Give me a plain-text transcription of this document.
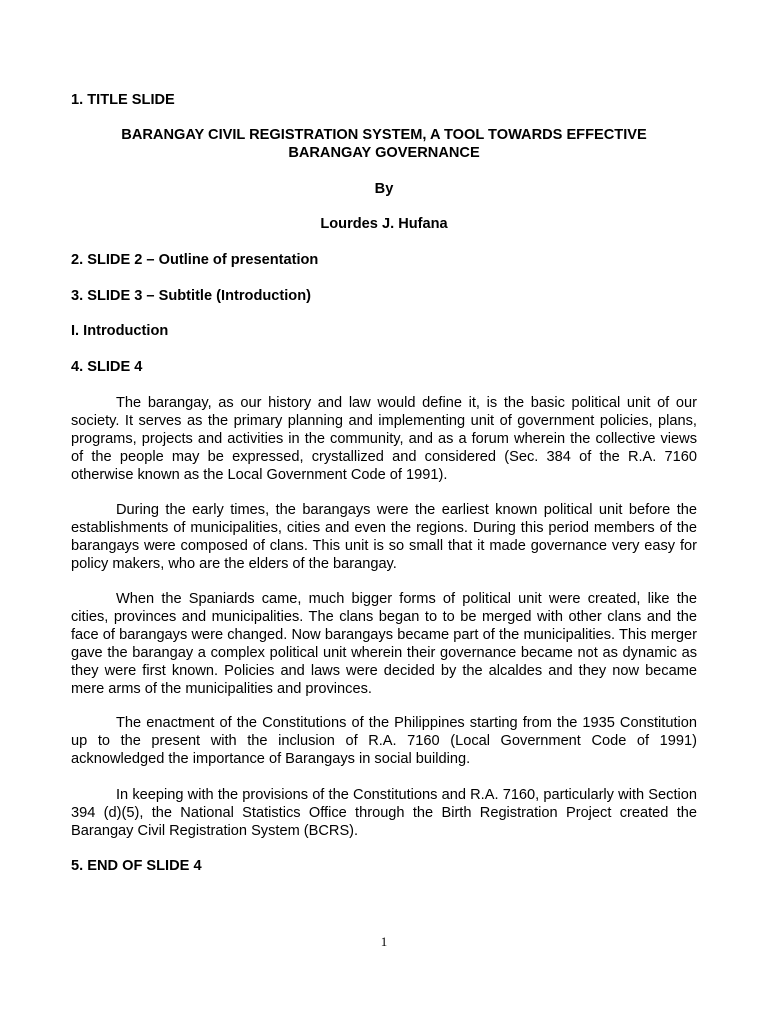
1. TITLE SLIDE

BARANGAY CIVIL REGISTRATION SYSTEM, A TOOL TOWARDS EFFECTIVE

BARANGAY GOVERNANCE

By

Lourdes J. Hufana

2. SLIDE 2 – Outline of presentation

3. SLIDE 3 – Subtitle (Introduction)

I. Introduction

4. SLIDE 4

The barangay, as our history and law would define it, is the basic political unit of our society. It serves as the primary planning and implementing unit of government policies, plans, programs, projects and activities in the community, and as a forum wherein the collective views of the people may be expressed, crystallized and considered (Sec. 384 of the R.A. 7160 otherwise known as the Local Government Code of 1991).

During the early times, the barangays were the earliest known political unit before the establishments of municipalities, cities and even the regions. During this period members of the barangays were composed of clans. This unit is so small that it made governance very easy for policy makers, who are the elders of the barangay.

When the Spaniards came, much bigger forms of political unit were created, like the cities, provinces and municipalities. The clans began to to be merged with other clans and the face of barangays were changed. Now barangays became part of the municipalities. This merger gave the barangay a complex political unit wherein their governance became not as dynamic as they were first known. Policies and laws were decided by the alcaldes and they now became mere arms of the municipalities and provinces.

The enactment of the Constitutions of the Philippines starting from the 1935 Constitution up to the present with the inclusion of R.A. 7160 (Local Government Code of 1991) acknowledged the importance of Barangays in social building.

In keeping with the provisions of the Constitutions and R.A. 7160, particularly with Section 394 (d)(5), the National Statistics Office through the Birth Registration Project created the Barangay Civil Registration System (BCRS).

5. END OF SLIDE 4

1
